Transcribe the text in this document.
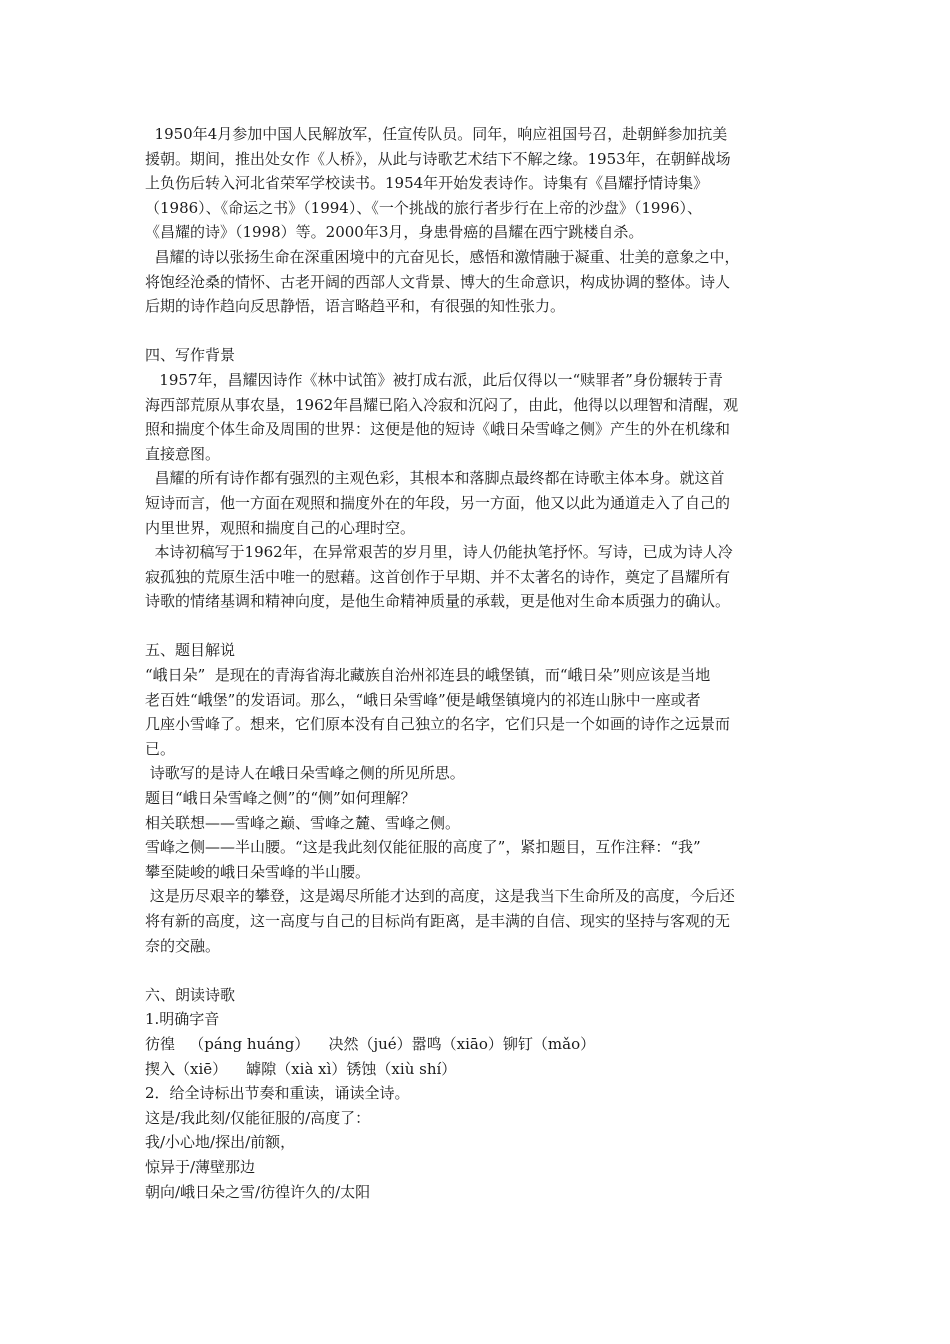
1950年4月参加中国人民解放军，任宣传队员。同年，响应祖国号召，赴朝鲜参加抗美
援朝。期间，推出处女作《人桥》，从此与诗歌艺术结下不解之缘。1953年，在朝鲜战场
上负伤后转入河北省荣军学校读书。1954年开始发表诗作。诗集有《昌耀抒情诗集》
（1986）、《命运之书》（1994）、《一个挑战的旅行者步行在上帝的沙盘》（1996）、
《昌耀的诗》（1998）等。2000年3月，身患骨癌的昌耀在西宁跳楼自杀。
昌耀的诗以张扬生命在深重困境中的亢奋见长，感悟和激情融于凝重、壮美的意象之中，
将饱经沧桑的情怀、古老开阔的西部人文背景、博大的生命意识，构成协调的整体。诗人
后期的诗作趋向反思静悟，语言略趋平和，有很强的知性张力。
四、写作背景
1957年，昌耀因诗作《林中试笛》被打成右派，此后仅得以一“赎罪者”身份辗转于青
海西部荒原从事农垦，1962年昌耀已陷入冷寂和沉闷了，由此，他得以以理智和清醒，观
照和揣度个体生命及周围的世界：这便是他的短诗《峨日朵雪峰之侧》产生的外在机缘和
直接意图。
昌耀的所有诗作都有强烈的主观色彩，其根本和落脚点最终都在诗歌主体本身。就这首
短诗而言，他一方面在观照和揣度外在的年段，另一方面，他又以此为通道走入了自己的
内里世界，观照和揣度自己的心理时空。
本诗初稿写于1962年，在异常艰苦的岁月里，诗人仍能执笔抒怀。写诗，已成为诗人冷
寂孤独的荒原生活中唯一的慰藉。这首创作于早期、并不太著名的诗作，奠定了昌耀所有
诗歌的情绪基调和精神向度，是他生命精神质量的承载，更是他对生命本质强力的确认。
五、题目解说
“峨日朵”  是现在的青海省海北藏族自治州祁连县的峨堡镇，而“峨日朵”则应该是当地
老百姓“峨堡”的发语词。那么，“峨日朵雪峰”便是峨堡镇境内的祁连山脉中一座或者
几座小雪峰了。想来，它们原本没有自己独立的名字，它们只是一个如画的诗作之远景而
已。
诗歌写的是诗人在峨日朵雪峰之侧的所见所思。
题目“峨日朵雪峰之侧”的“侧”如何理解？
相关联想——雪峰之巅、雪峰之麓、雪峰之侧。
雪峰之侧——半山腰。“这是我此刻仅能征服的高度了”，紧扣题目，互作注释：“我”
攀至陡峻的峨日朵雪峰的半山腰。
这是历尽艰辛的攀登，这是竭尽所能才达到的高度，这是我当下生命所及的高度，今后还
将有新的高度，这一高度与自己的目标尚有距离，是丰满的自信、现实的坚持与客观的无
奈的交融。
六、朗读诗歌
1.明确字音
彷徨   （páng huáng）    决然（jué）嚣鸣（xiāo）铆钉（mǎo）
揳入（xiē）    罅隙（xià xì）锈蚀（xiù shí）
2．给全诗标出节奏和重读，诵读全诗。
这是/我此刻/仅能征服的/高度了：
我/小心地/探出/前额，
惊异于/薄壁那边
朝向/峨日朵之雪/彷徨许久的/太阳
